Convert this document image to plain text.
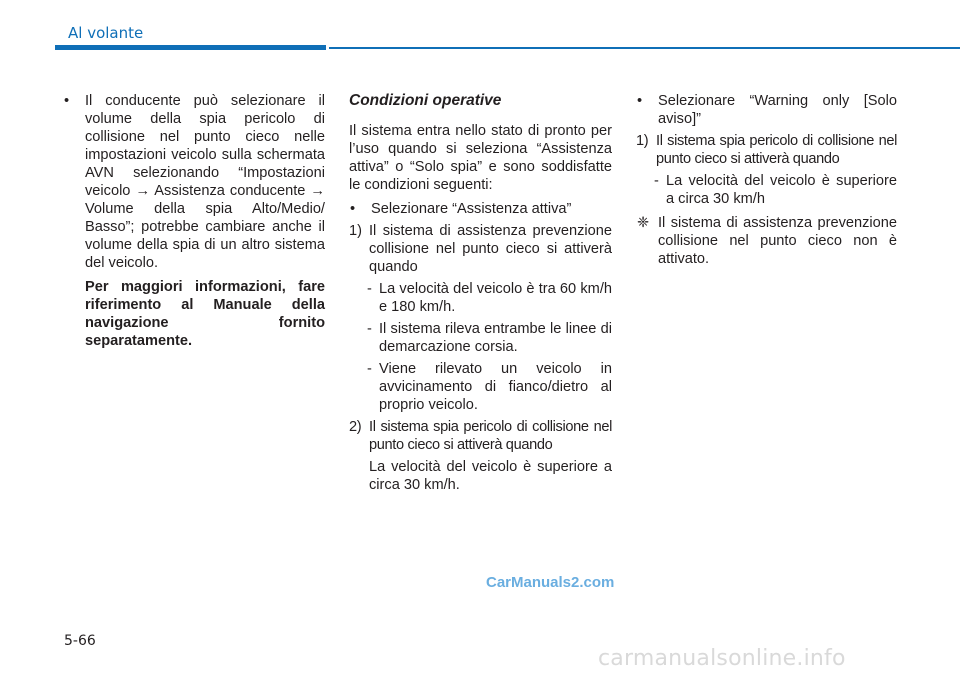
Al volante

• Il conducente può selezionare il volume della spia pericolo di collisione nel punto cieco nelle impostazioni veicolo sulla schermata AVN selezionando “Impostazioni veicolo → Assistenza conducente → Volume della spia Alto/Medio/ Basso”; potrebbe cambiare anche il volume della spia di un altro sistema del veicolo.

Per maggiori informazioni, fare riferimento al Manuale della navigazione fornito separatamente.

Condizioni operative

Il sistema entra nello stato di pronto per l’uso quando si seleziona “Assistenza attiva” o “Solo spia” e sono soddisfatte le condizioni seguenti:

• Selezionare “Assistenza attiva”

1) Il sistema di assistenza prevenzione collisione nel punto cieco si attiverà quando

- La velocità del veicolo è tra 60 km/h e 180 km/h.

- Il sistema rileva entrambe le linee di demarcazione corsia.

- Viene rilevato un veicolo in avvicinamento di fianco/dietro al proprio veicolo.

2) Il sistema spia pericolo di collisione nel punto cieco si attiverà quando

La velocità del veicolo è superiore a circa 30 km/h.

• Selezionare “Warning only [Solo aviso]”

1) Il sistema spia pericolo di collisione nel punto cieco si attiverà quando

- La velocità del veicolo è superiore a circa 30 km/h

❈ Il sistema di assistenza prevenzione collisione nel punto cieco non è attivato.

CarManuals2.com
5-66
carmanualsonline.info
